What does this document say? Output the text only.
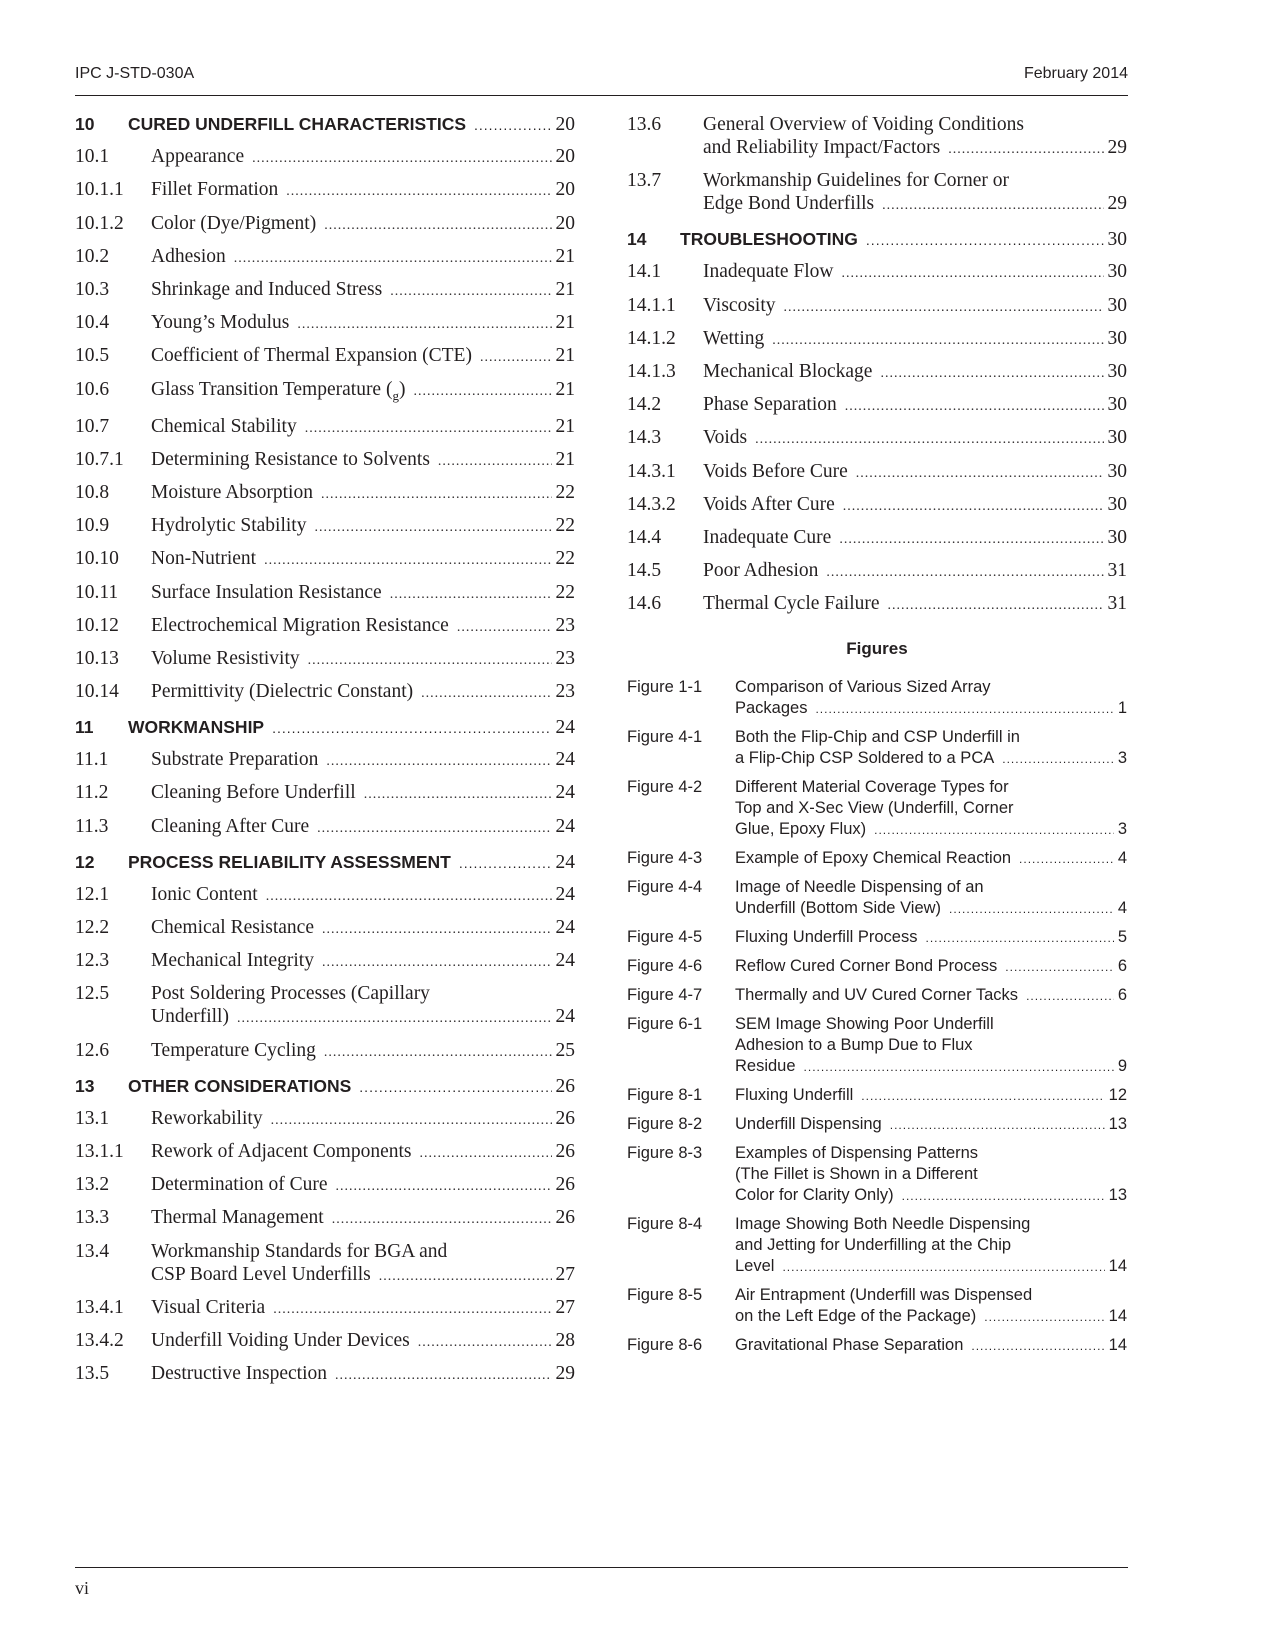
IPC J-STD-030A	February 2014
10 CURED UNDERFILL CHARACTERISTICS .....	20
10.1 Appearance .....	20
10.1.1 Fillet Formation .....	20
10.1.2 Color (Dye/Pigment) .....	20
10.2 Adhesion .....	21
10.3 Shrinkage and Induced Stress .....	21
10.4 Young’s Modulus .....	21
10.5 Coefficient of Thermal Expansion (CTE) .....	21
10.6 Glass Transition Temperature $(_g)$ .....	21
10.7 Chemical Stability .....	21
10.7.1 Determining Resistance to Solvents .....	21
10.8 Moisture Absorption .....	22
10.9 Hydrolytic Stability .....	22
10.10 Non-Nutrient .....	22
10.11 Surface Insulation Resistance .....	22
10.12 Electrochemical Migration Resistance .....	23
10.13 Volume Resistivity .....	23
10.14 Permittivity (Dielectric Constant) .....	23
11 WORKMANSHIP .....	24
11.1 Substrate Preparation .....	24
11.2 Cleaning Before Underfill .....	24
11.3 Cleaning After Cure .....	24
12 PROCESS RELIABILITY ASSESSMENT .....	24
12.1 Ionic Content .....	24
12.2 Chemical Resistance .....	24
12.3 Mechanical Integrity .....	24
12.5 Post Soldering Processes (Capillary
Underfill) .....	24
12.6 Temperature Cycling .....	25
13 OTHER CONSIDERATIONS .....	26
13.1 Reworkability .....	26
13.1.1 Rework of Adjacent Components .....	26
13.2 Determination of Cure .....	26
13.3 Thermal Management .....	26
13.4 Workmanship Standards for BGA and
CSP Board Level Underfills .....	27
13.4.1 Visual Criteria .....	27
13.4.2 Underfill Voiding Under Devices .....	28
13.5 Destructive Inspection .....	29
13.6 General Overview of Voiding Conditions
and Reliability Impact/Factors .....	29
13.7 Workmanship Guidelines for Corner or
Edge Bond Underfills .....	29
14 TROUBLESHOOTING .....	30
14.1 Inadequate Flow .....	30
14.1.1 Viscosity .....	30
14.1.2 Wetting .....	30
14.1.3 Mechanical Blockage .....	30
14.2 Phase Separation .....	30
14.3 Voids .....	30
14.3.1 Voids Before Cure .....	30
14.3.2 Voids After Cure .....	30
14.4 Inadequate Cure .....	30
14.5 Poor Adhesion .....	31
14.6 Thermal Cycle Failure .....	31
Figures
Figure 1-1 Comparison of Various Sized Array
Packages .....	1
Figure 4-1 Both the Flip-Chip and CSP Underfill in
a Flip-Chip CSP Soldered to a PCA .....	3
Figure 4-2 Different Material Coverage Types for
Top and X-Sec View (Underfill, Corner
Glue, Epoxy Flux) .....	3
Figure 4-3 Example of Epoxy Chemical Reaction .....	4
Figure 4-4 Image of Needle Dispensing of an
Underfill (Bottom Side View) .....	4
Figure 4-5 Fluxing Underfill Process .....	5
Figure 4-6 Reflow Cured Corner Bond Process .....	6
Figure 4-7 Thermally and UV Cured Corner Tacks .....	6
Figure 6-1 SEM Image Showing Poor Underfill
Adhesion to a Bump Due to Flux
Residue .....	9
Figure 8-1 Fluxing Underfill .....	12
Figure 8-2 Underfill Dispensing .....	13
Figure 8-3 Examples of Dispensing Patterns
(The Fillet is Shown in a Different
Color for Clarity Only) .....	13
Figure 8-4 Image Showing Both Needle Dispensing
and Jetting for Underfilling at the Chip
Level .....	14
Figure 8-5 Air Entrapment (Underfill was Dispensed
on the Left Edge of the Package) .....	14
Figure 8-6 Gravitational Phase Separation .....	14
vi
